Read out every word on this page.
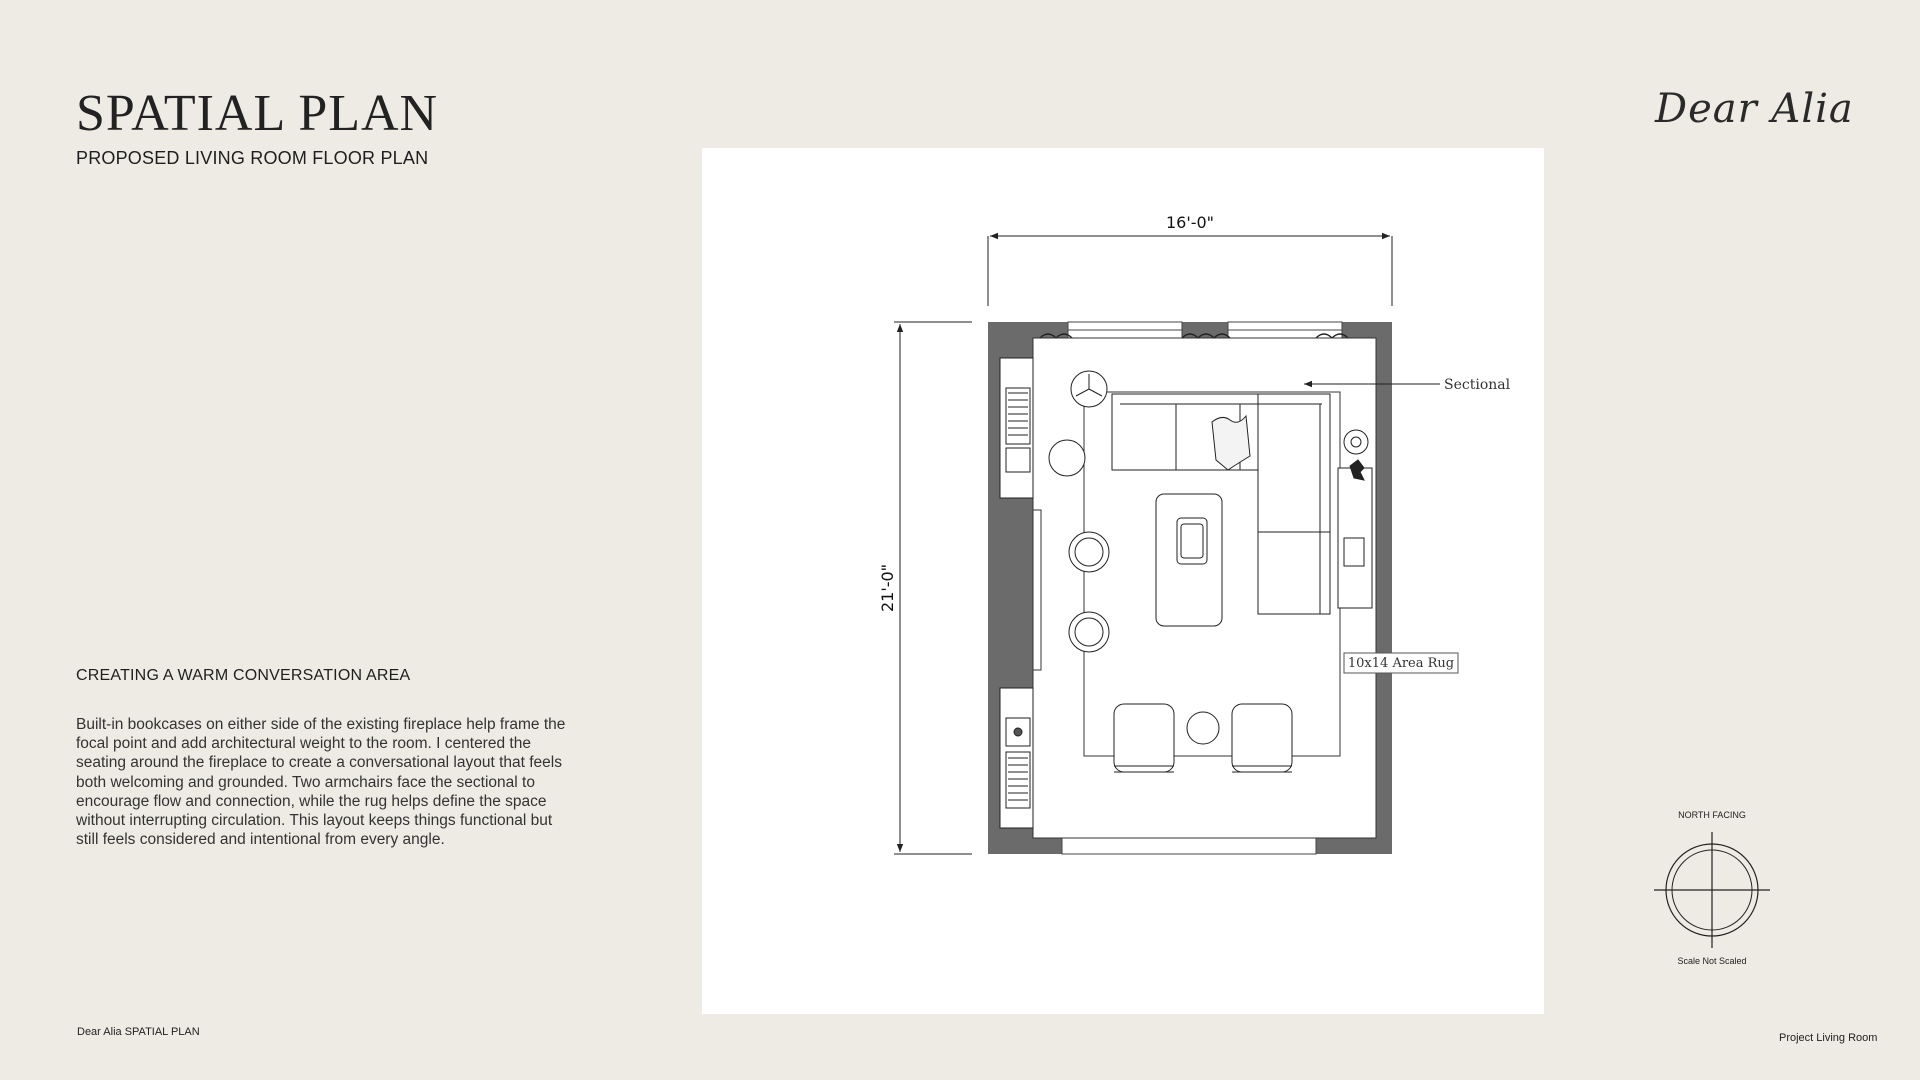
SPATIAL PLAN

PROPOSED LIVING ROOM FLOOR PLAN

Dear Alia
CREATING A WARM CONVERSATION AREA

Built-in bookcases on either side of the existing fireplace help frame the focal point and add architectural weight to the room. I centered the seating around the fireplace to create a conversational layout that feels both welcoming and grounded. Two armchairs face the sectional to encourage flow and connection, while the rug helps define the space without interrupting circulation. This layout keeps things functional but still feels considered and intentional from every angle.

16'-0"
21'-0"
Sectional
10x14 Area Rug
NORTH FACING
Scale Not Scaled
Dear Alia SPATIAL PLAN	Project Living Room
